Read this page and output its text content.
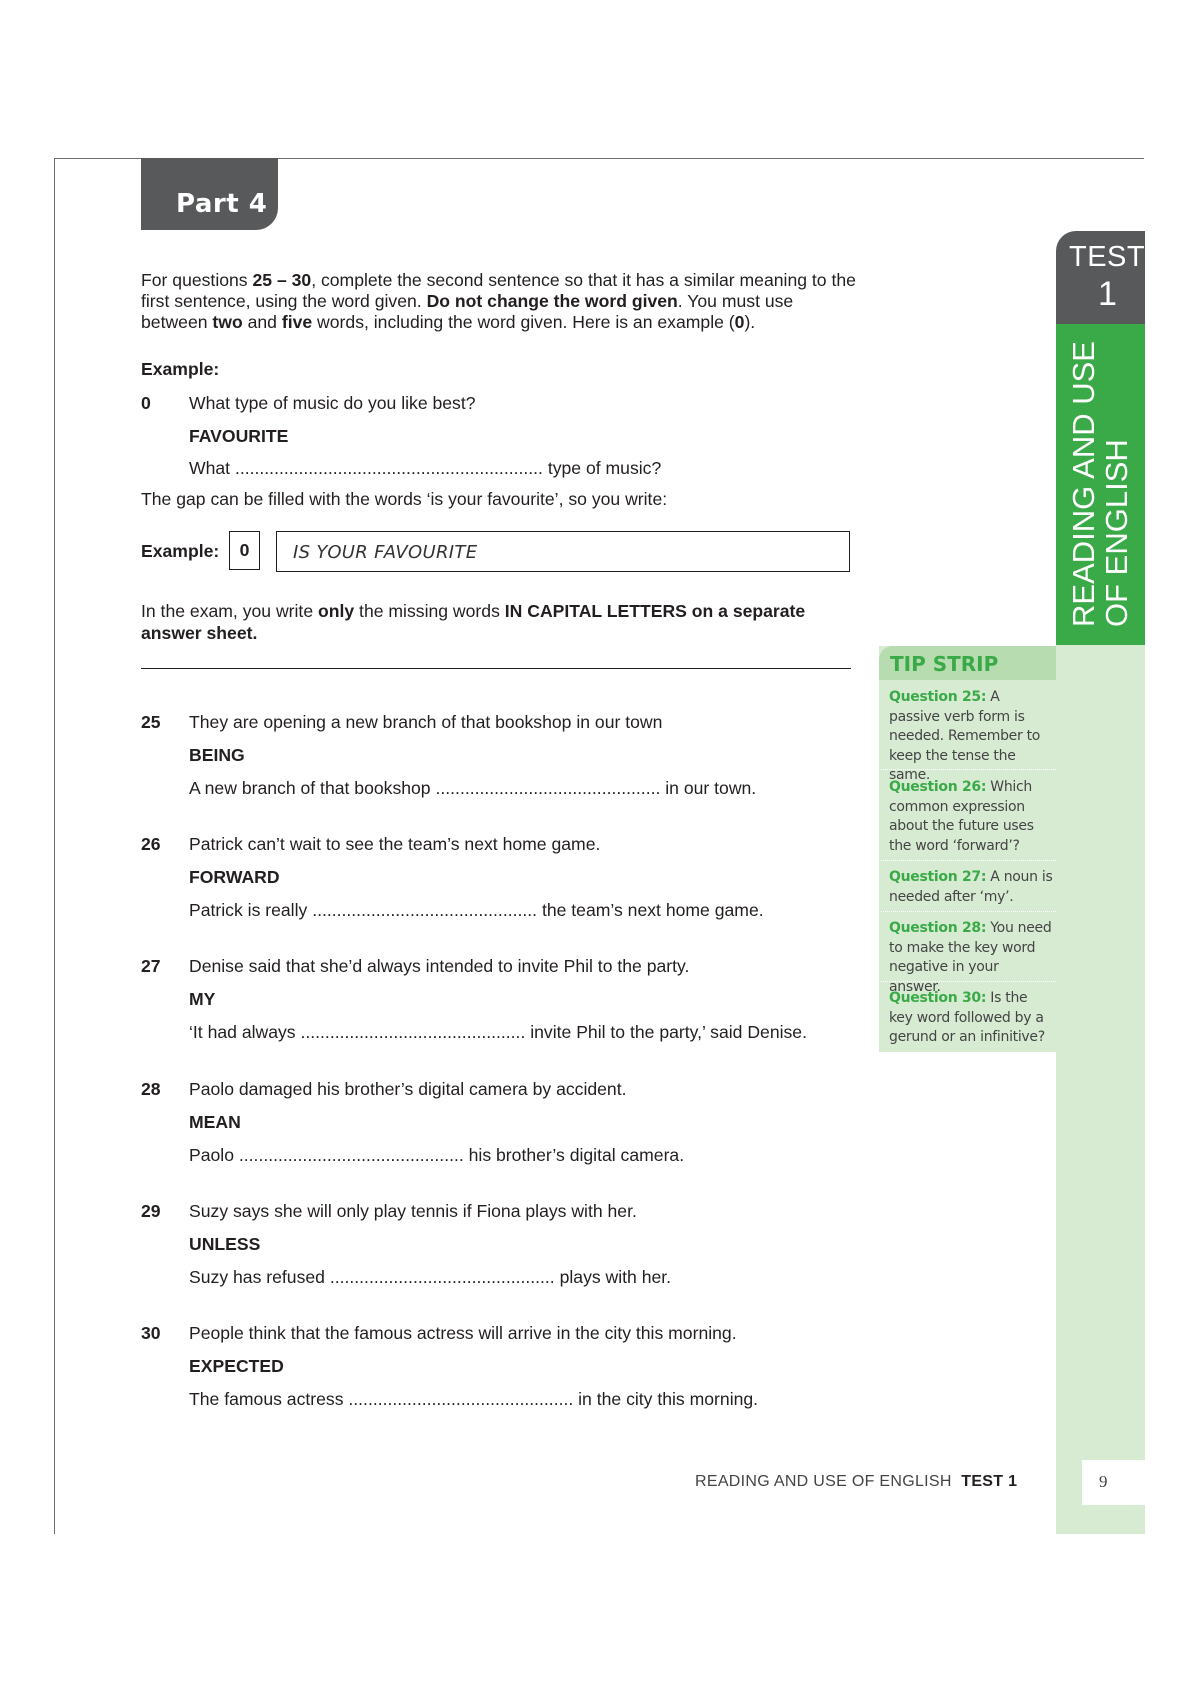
Part 4
For questions 25 – 30, complete the second sentence so that it has a similar meaning to the first sentence, using the word given. Do not change the word given. You must use between two and five words, including the word given. Here is an example (0).
Example:
0 What type of music do you like best?
FAVOURITE
What ............................................................... type of music?
The gap can be filled with the words ‘is your favourite’, so you write:
Example:	0	IS YOUR FAVOURITE
In the exam, you write only the missing words IN CAPITAL LETTERS on a separate answer sheet.
25 They are opening a new branch of that bookshop in our town
BEING
A new branch of that bookshop .............................................. in our town.
26 Patrick can’t wait to see the team’s next home game.
FORWARD
Patrick is really .............................................. the team’s next home game.
27 Denise said that she’d always intended to invite Phil to the party.
MY
‘It had always .............................................. invite Phil to the party,’ said Denise.
28 Paolo damaged his brother’s digital camera by accident.
MEAN
Paolo .............................................. his brother’s digital camera.
29 Suzy says she will only play tennis if Fiona plays with her.
UNLESS
Suzy has refused .............................................. plays with her.
30 People think that the famous actress will arrive in the city this morning.
EXPECTED
The famous actress .............................................. in the city this morning.
TEST
1
READING AND USE
OF ENGLISH
TIP STRIP
Question 25: A passive verb form is needed. Remember to keep the tense the same.
Question 26: Which common expression about the future uses the word ‘forward’?
Question 27: A noun is needed after ‘my’.
Question 28: You need to make the key word negative in your answer.
Question 30: Is the key word followed by a gerund or an infinitive?
READING AND USE OF ENGLISH TEST 1	9
